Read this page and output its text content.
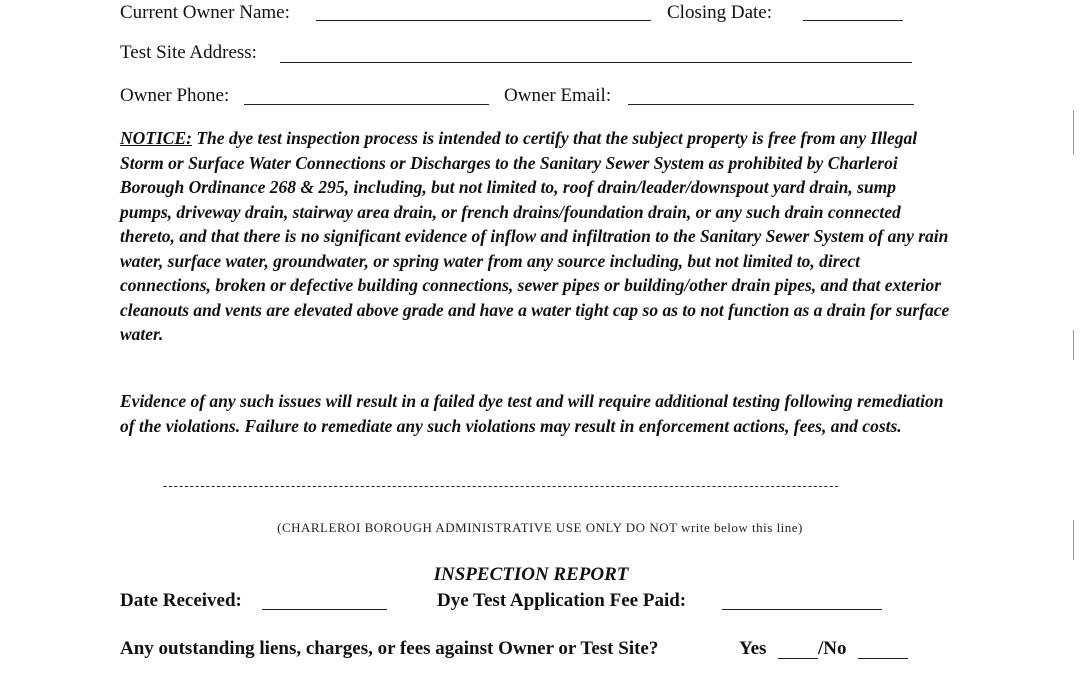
Current Owner Name:	Closing Date:
Test Site Address:
Owner Phone:	Owner Email:
NOTICE: The dye test inspection process is intended to certify that the subject property is free from any Illegal Storm or Surface Water Connections or Discharges to the Sanitary Sewer System as prohibited by Charleroi Borough Ordinance 268 & 295, including, but not limited to, roof drain/leader/downspout yard drain, sump pumps, driveway drain, stairway area drain, or french drains/foundation drain, or any such drain connected thereto, and that there is no significant evidence of inflow and infiltration to the Sanitary Sewer System of any rain water, surface water, groundwater, or spring water from any source including, but not limited to, direct connections, broken or defective building connections, sewer pipes or building/other drain pipes, and that exterior cleanouts and vents are elevated above grade and have a water tight cap so as to not function as a drain for surface water.
Evidence of any such issues will result in a failed dye test and will require additional testing following remediation of the violations. Failure to remediate any such violations may result in enforcement actions, fees, and costs.
-------------------------------------------------------------------------------------------------------------------------------
(CHARLEROI BOROUGH ADMINISTRATIVE USE ONLY DO NOT write below this line)
INSPECTION REPORT
Date Received:	Dye Test Application Fee Paid:
Any outstanding liens, charges, or fees against Owner or Test Site?	Yes	/No
